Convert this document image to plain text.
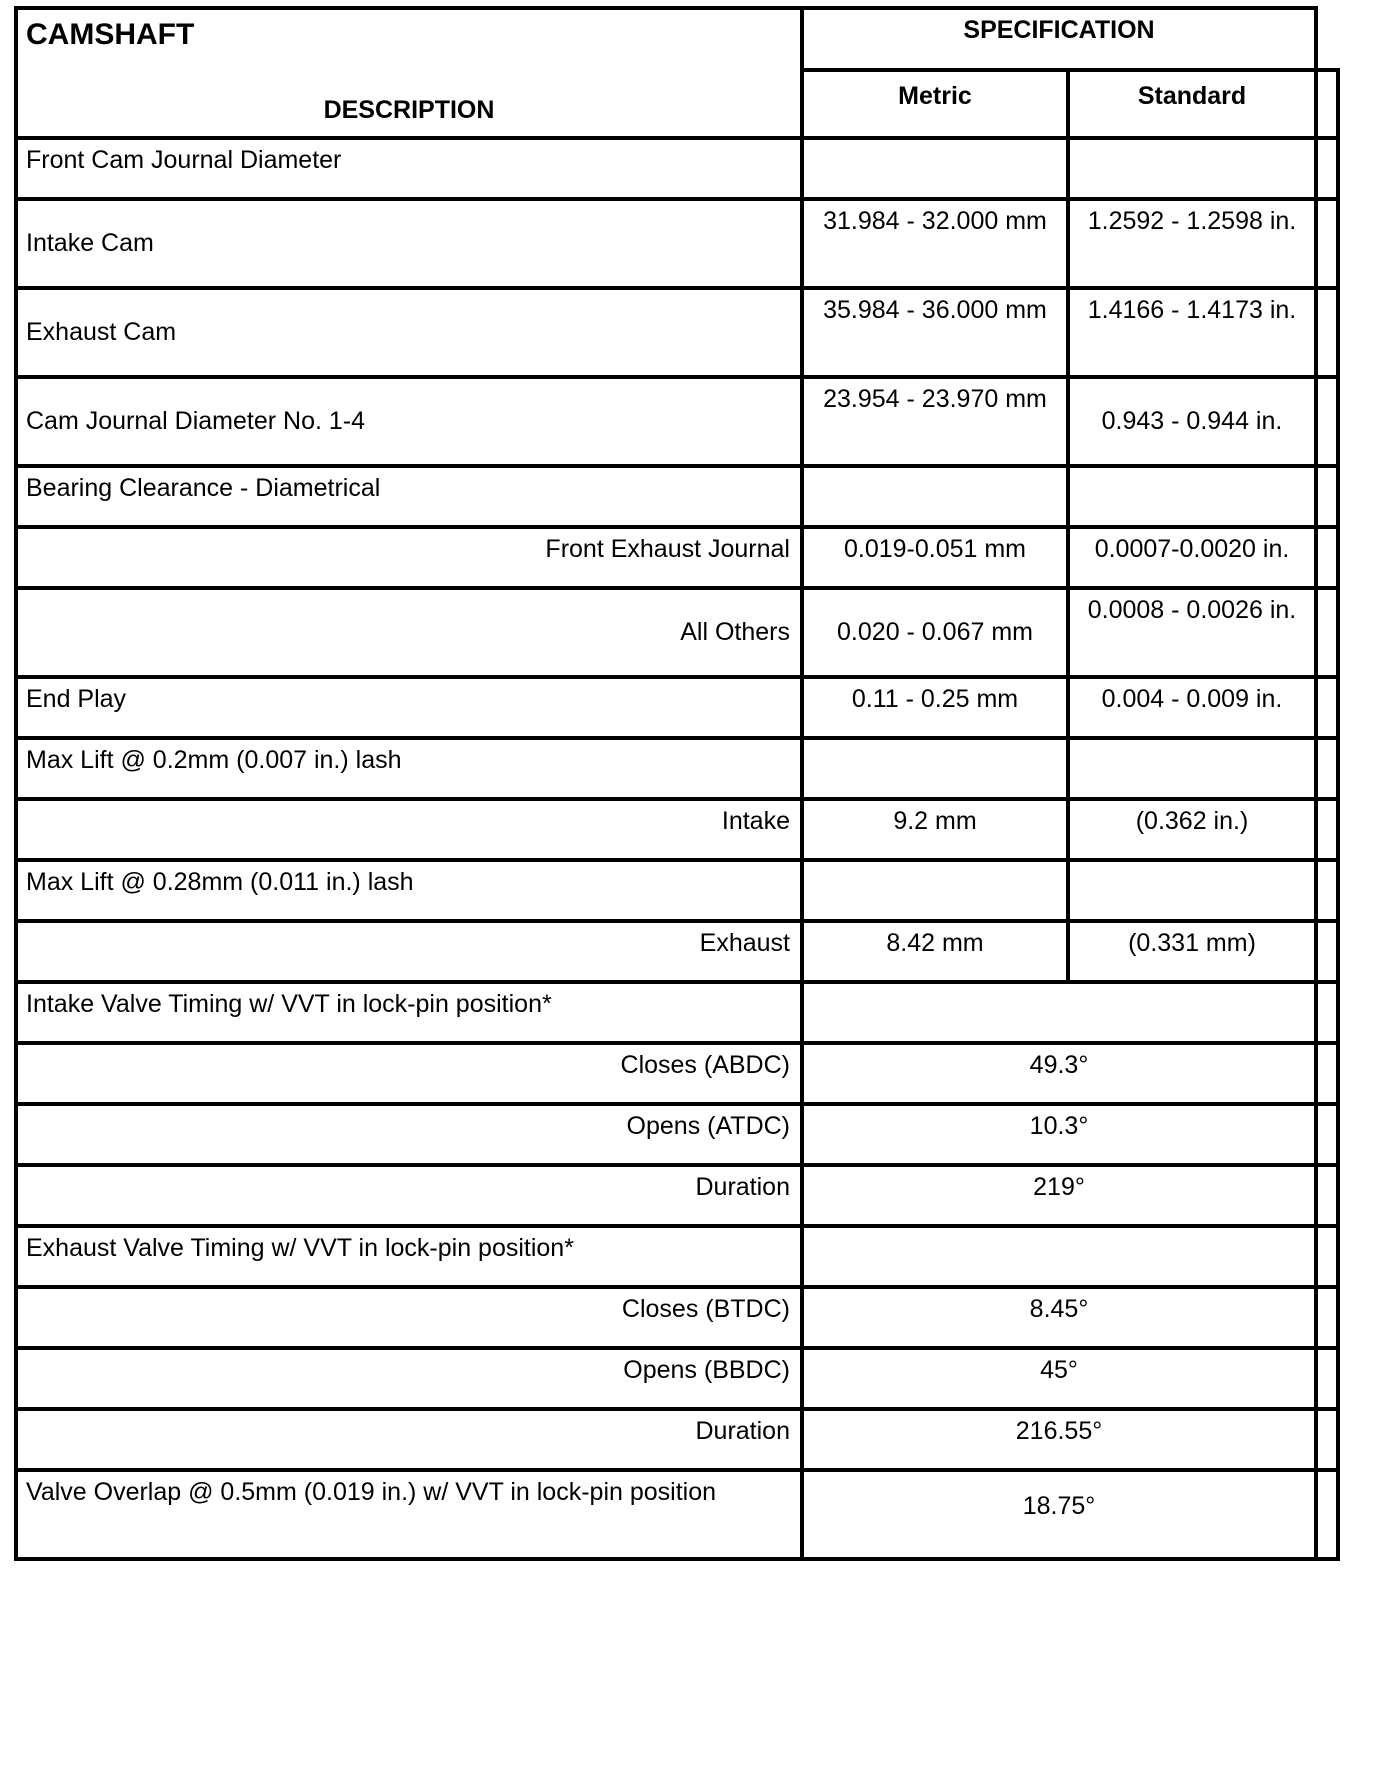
CAMSHAFT	SPECIFICATION		
DESCRIPTION	Metric	Standard	
Front Cam Journal Diameter			
Intake Cam	31.984 - 32.000 mm	1.2592 - 1.2598 in.	
Exhaust Cam	35.984 - 36.000 mm	1.4166 - 1.4173 in.	
Cam Journal Diameter No. 1-4	23.954 - 23.970 mm	0.943 - 0.944 in.	
Bearing Clearance - Diametrical			
Front Exhaust Journal	0.019-0.051 mm	0.0007-0.0020 in.	
All Others	0.020 - 0.067 mm	0.0008 - 0.0026 in.	
End Play	0.11 - 0.25 mm	0.004 - 0.009 in.	
Max Lift @ 0.2mm (0.007 in.) lash			
Intake	9.2 mm	(0.362 in.)	
Max Lift @ 0.28mm (0.011 in.) lash			
Exhaust	8.42 mm	(0.331 mm)	
Intake Valve Timing w/ VVT in lock-pin position*			
Closes (ABDC)	49.3°		
Opens (ATDC)	10.3°		
Duration	219°		
Exhaust Valve Timing w/ VVT in lock-pin position*			
Closes (BTDC)	8.45°		
Opens (BBDC)	45°		
Duration	216.55°		
Valve Overlap @ 0.5mm (0.019 in.) w/ VVT in lock-pin position	18.75°		
